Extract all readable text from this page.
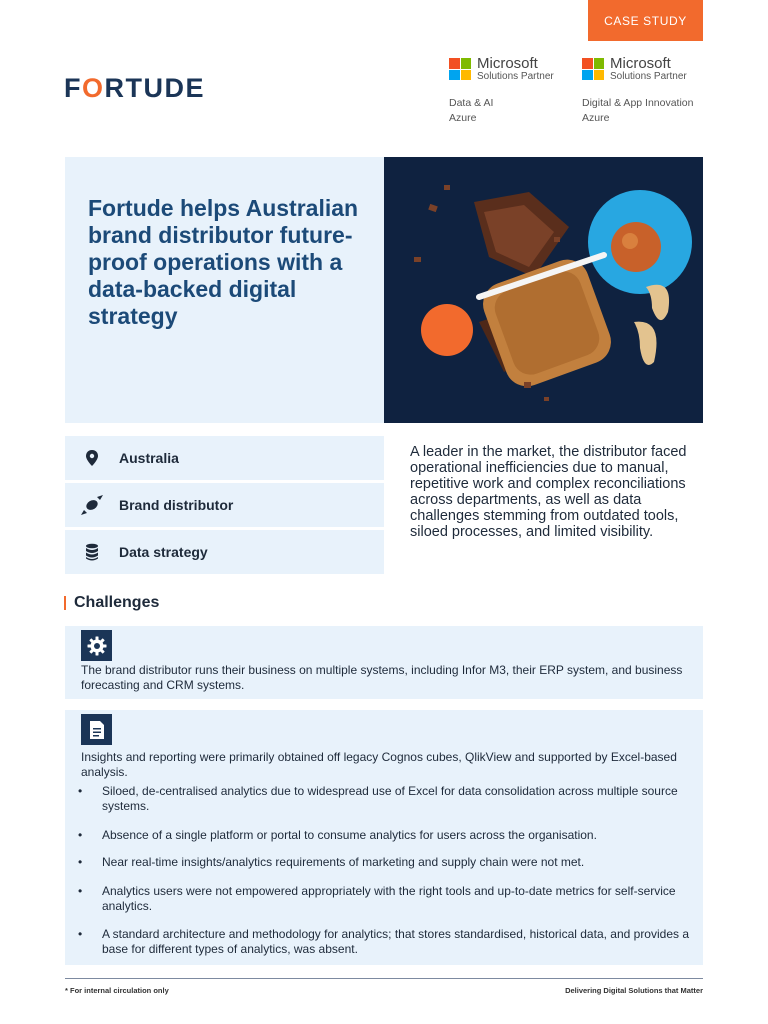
CASE STUDY
FORTUDE
Microsoft
Solutions Partner
Data & AI
Azure
Microsoft
Solutions Partner
Digital & App Innovation
Azure
Fortude helps Australian brand distributor future-proof operations with a data-backed digital strategy
Australia
Brand distributor
Data strategy
A leader in the market, the distributor faced operational inefficiencies due to manual, repetitive work and complex reconciliations across departments, as well as data challenges stemming from outdated tools, siloed processes, and limited visibility.
Challenges

The brand distributor runs their business on multiple systems, including Infor M3, their ERP system, and business forecasting and CRM systems.

Insights and reporting were primarily obtained off legacy Cognos cubes, QlikView and supported by Excel-based analysis.

• Siloed, de-centralised analytics due to widespread use of Excel for data consolidation across multiple source systems.
• Absence of a single platform or portal to consume analytics for users across the organisation.
• Near real-time insights/analytics requirements of marketing and supply chain were not met.
• Analytics users were not empowered appropriately with the right tools and up-to-date metrics for self-service analytics.
• A standard architecture and methodology for analytics; that stores standardised, historical data, and provides a base for different types of analytics, was absent.
* For internal circulation only	Delivering Digital Solutions that Matter
